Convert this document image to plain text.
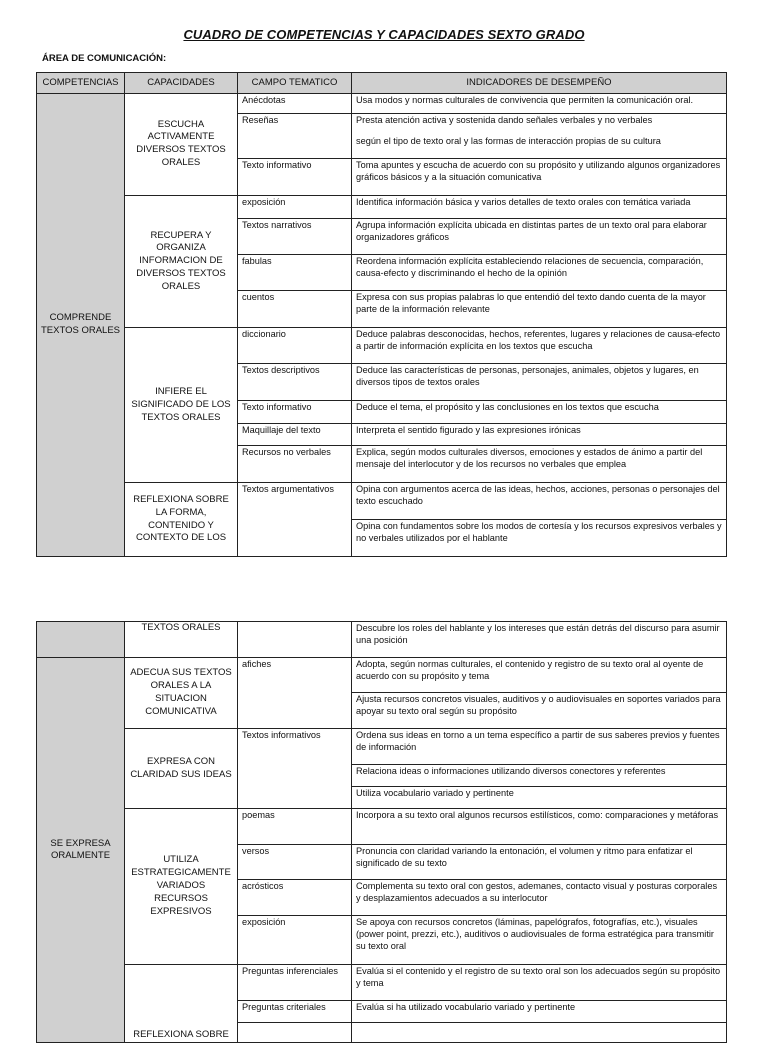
CUADRO DE COMPETENCIAS Y CAPACIDADES SEXTO GRADO
ÁREA DE COMUNICACIÓN:
COMPETENCIAS	CAPACIDADES	CAMPO TEMATICO	INDICADORES DE DESEMPEÑO
COMPRENDE TEXTOS ORALES	ESCUCHA ACTIVAMENTE DIVERSOS TEXTOS ORALES	Anécdotas	Usa modos y normas culturales de convivencia que permiten la comunicación oral.
		Reseñas	Presta atención activa y sostenida dando señales verbales y no verbales

según el tipo de texto oral y las formas de interacción propias de su cultura

		Texto informativo	Toma apuntes y escucha de acuerdo con su propósito y utilizando algunos organizadores gráficos básicos y a la situación comunicativa
	RECUPERA Y ORGANIZA INFORMACION DE DIVERSOS TEXTOS ORALES	exposición	Identifica información básica y varios detalles de texto orales con temática variada
		Textos narrativos	Agrupa información explícita ubicada en distintas partes de un texto oral para elaborar organizadores gráficos
		fabulas	Reordena información explícita estableciendo relaciones de secuencia, comparación, causa-efecto y discriminando el hecho de la opinión
		cuentos	Expresa con sus propias palabras lo que entendió del texto dando cuenta de la mayor parte de la información relevante
	INFIERE EL SIGNIFICADO DE LOS TEXTOS ORALES	diccionario	Deduce palabras desconocidas, hechos, referentes, lugares y relaciones de causa-efecto a partir de información explícita en los textos que escucha
		Textos descriptivos	Deduce las características de personas, personajes, animales, objetos y lugares, en diversos tipos de textos orales
		Texto informativo	Deduce el tema, el propósito y las conclusiones en los textos que escucha
		Maquillaje del texto	Interpreta el sentido figurado y las expresiones irónicas
		Recursos no verbales	Explica, según modos culturales diversos, emociones y estados de ánimo a partir del mensaje del interlocutor y de los recursos no verbales que emplea
	REFLEXIONA SOBRE LA FORMA, CONTENIDO Y CONTEXTO DE LOS	Textos argumentativos	Opina con argumentos acerca de las ideas, hechos, acciones, personas o personajes del texto escuchado
			Opina con fundamentos sobre los modos de cortesía y los recursos expresivos verbales y no verbales utilizados por el hablante
	TEXTOS ORALES		Descubre los roles del hablante y los intereses que están detrás del discurso para asumir una posición
SE EXPRESA ORALMENTE	ADECUA SUS TEXTOS ORALES A LA SITUACION COMUNICATIVA	afiches	Adopta, según normas culturales, el contenido y registro de su texto oral al oyente de acuerdo con su propósito y tema
			Ajusta recursos concretos visuales, auditivos y o audiovisuales en soportes variados para apoyar su texto oral según su propósito
	EXPRESA CON CLARIDAD SUS IDEAS	Textos informativos	Ordena sus ideas en torno a un tema específico a partir de sus saberes previos y fuentes de información
			Relaciona ideas o informaciones utilizando diversos conectores y referentes
			Utiliza vocabulario variado y pertinente
	UTILIZA ESTRATEGICAMENTE VARIADOS RECURSOS EXPRESIVOS	poemas	Incorpora a su texto oral algunos recursos estilísticos, como: comparaciones y metáforas
		versos	Pronuncia con claridad variando la entonación, el volumen y ritmo para enfatizar el significado de su texto
		acrósticos	Complementa su texto oral con gestos, ademanes, contacto visual y posturas corporales y desplazamientos adecuados a su interlocutor
		exposición	Se apoya con recursos concretos (láminas, papelógrafos, fotografías, etc.), visuales (power point, prezzi, etc.), auditivos o audiovisuales de forma estratégica para transmitir su texto oral
	REFLEXIONA SOBRE	Preguntas inferenciales	Evalúa si el contenido y el registro de su texto oral son los adecuados según su propósito y tema
		Preguntas criteriales	Evalúa si ha utilizado vocabulario variado y pertinente
